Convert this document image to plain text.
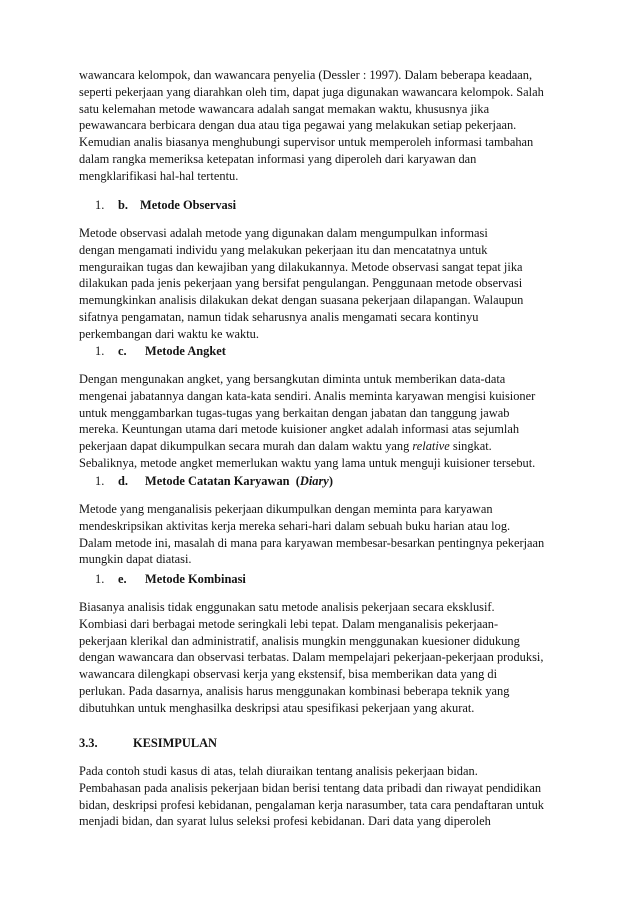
wawancara kelompok, dan wawancara penyelia (Dessler : 1997). Dalam beberapa keadaan,
seperti pekerjaan yang diarahkan oleh tim, dapat juga digunakan wawancara kelompok. Salah
satu kelemahan metode wawancara adalah sangat memakan waktu, khususnya jika
pewawancara berbicara dengan dua atau tiga pegawai yang melakukan setiap pekerjaan.
Kemudian analis biasanya menghubungi supervisor untuk memperoleh informasi tambahan
dalam rangka memeriksa ketepatan informasi yang diperoleh dari karyawan dan
mengklarifikasi hal-hal tertentu.
1. b. Metode Observasi
Metode observasi adalah metode yang digunakan dalam mengumpulkan informasi
dengan mengamati individu yang melakukan pekerjaan itu dan mencatatnya untuk
menguraikan tugas dan kewajiban yang dilakukannya. Metode observasi sangat tepat jika
dilakukan pada jenis pekerjaan yang bersifat pengulangan. Penggunaan metode observasi
memungkinkan analisis dilakukan dekat dengan suasana pekerjaan dilapangan. Walaupun
sifatnya pengamatan, namun tidak seharusnya analis mengamati secara kontinyu
perkembangan dari waktu ke waktu.
1. c. Metode Angket
Dengan mengunakan angket, yang bersangkutan diminta untuk memberikan data-data
mengenai jabatannya dangan kata-kata sendiri. Analis meminta karyawan mengisi kuisioner
untuk menggambarkan tugas-tugas yang berkaitan dengan jabatan dan tanggung jawab
mereka. Keuntungan utama dari metode kuisioner angket adalah informasi atas sejumlah
pekerjaan dapat dikumpulkan secara murah dan dalam waktu yang relative singkat.
Sebaliknya, metode angket memerlukan waktu yang lama untuk menguji kuisioner tersebut.
1. d. Metode Catatan Karyawan (Diary)
Metode yang menganalisis pekerjaan dikumpulkan dengan meminta para karyawan
mendeskripsikan aktivitas kerja mereka sehari-hari dalam sebuah buku harian atau log.
Dalam metode ini, masalah di mana para karyawan membesar-besarkan pentingnya pekerjaan
mungkin dapat diatasi.
1. e. Metode Kombinasi
Biasanya analisis tidak enggunakan satu metode analisis pekerjaan secara eksklusif.
Kombiasi dari berbagai metode seringkali lebi tepat. Dalam menganalisis pekerjaan-
pekerjaan klerikal dan administratif, analisis mungkin menggunakan kuesioner didukung
dengan wawancara dan observasi terbatas. Dalam mempelajari pekerjaan-pekerjaan produksi,
wawancara dilengkapi observasi kerja yang ekstensif, bisa memberikan data yang di
perlukan. Pada dasarnya, analisis harus menggunakan kombinasi beberapa teknik yang
dibutuhkan untuk menghasilka deskripsi atau spesifikasi pekerjaan yang akurat.
3.3.	KESIMPULAN
Pada contoh studi kasus di atas, telah diuraikan tentang analisis pekerjaan bidan.
Pembahasan pada analisis pekerjaan bidan berisi tentang data pribadi dan riwayat pendidikan
bidan, deskripsi profesi kebidanan, pengalaman kerja narasumber, tata cara pendaftaran untuk
menjadi bidan, dan syarat lulus seleksi profesi kebidanan. Dari data yang diperoleh
